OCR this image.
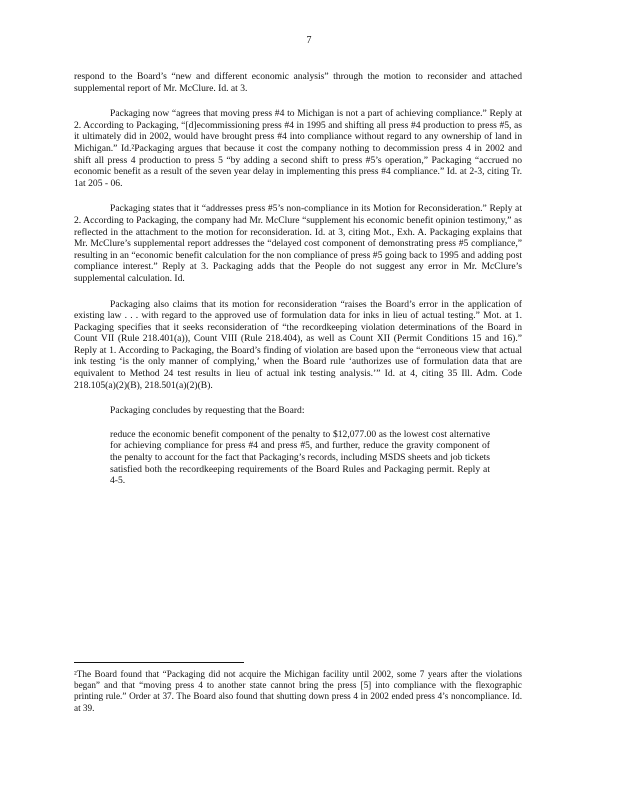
7

respond to the Board’s “new and different economic analysis” through the motion to reconsider and attached supplemental report of Mr. McClure. Id. at 3.

Packaging now “agrees that moving press #4 to Michigan is not a part of achieving compliance.” Reply at 2. According to Packaging, “[d]ecommissioning press #4 in 1995 and shifting all press #4 production to press #5, as it ultimately did in 2002, would have brought press #4 into compliance without regard to any ownership of land in Michigan.” Id.²Packaging argues that because it cost the company nothing to decommission press 4 in 2002 and shift all press 4 production to press 5 “by adding a second shift to press #5’s operation,” Packaging “accrued no economic benefit as a result of the seven year delay in implementing this press #4 compliance.” Id. at 2-3, citing Tr. 1at 205 - 06.

Packaging states that it “addresses press #5’s non-compliance in its Motion for Reconsideration.” Reply at 2. According to Packaging, the company had Mr. McClure “supplement his economic benefit opinion testimony,” as reflected in the attachment to the motion for reconsideration. Id. at 3, citing Mot., Exh. A. Packaging explains that Mr. McClure’s supplemental report addresses the “delayed cost component of demonstrating press #5 compliance,” resulting in an “economic benefit calculation for the non compliance of press #5 going back to 1995 and adding post compliance interest.” Reply at 3. Packaging adds that the People do not suggest any error in Mr. McClure’s supplemental calculation. Id.

Packaging also claims that its motion for reconsideration “raises the Board’s error in the application of existing law . . . with regard to the approved use of formulation data for inks in lieu of actual testing.” Mot. at 1. Packaging specifies that it seeks reconsideration of “the recordkeeping violation determinations of the Board in Count VII (Rule 218.401(a)), Count VIII (Rule 218.404), as well as Count XII (Permit Conditions 15 and 16).” Reply at 1. According to Packaging, the Board’s finding of violation are based upon the “erroneous view that actual ink testing ‘is the only manner of complying,’ when the Board rule ‘authorizes use of formulation data that are equivalent to Method 24 test results in lieu of actual ink testing analysis.’” Id. at 4, citing 35 Ill. Adm. Code 218.105(a)(2)(B), 218.501(a)(2)(B).

Packaging concludes by requesting that the Board:

reduce the economic benefit component of the penalty to $12,077.00 as the lowest cost alternative for achieving compliance for press #4 and press #5, and further, reduce the gravity component of the penalty to account for the fact that Packaging’s records, including MSDS sheets and job tickets satisfied both the recordkeeping requirements of the Board Rules and Packaging permit. Reply at 4-5.

²The Board found that “Packaging did not acquire the Michigan facility until 2002, some 7 years after the violations began” and that “moving press 4 to another state cannot bring the press [5] into compliance with the flexographic printing rule.” Order at 37. The Board also found that shutting down press 4 in 2002 ended press 4’s noncompliance. Id. at 39.
